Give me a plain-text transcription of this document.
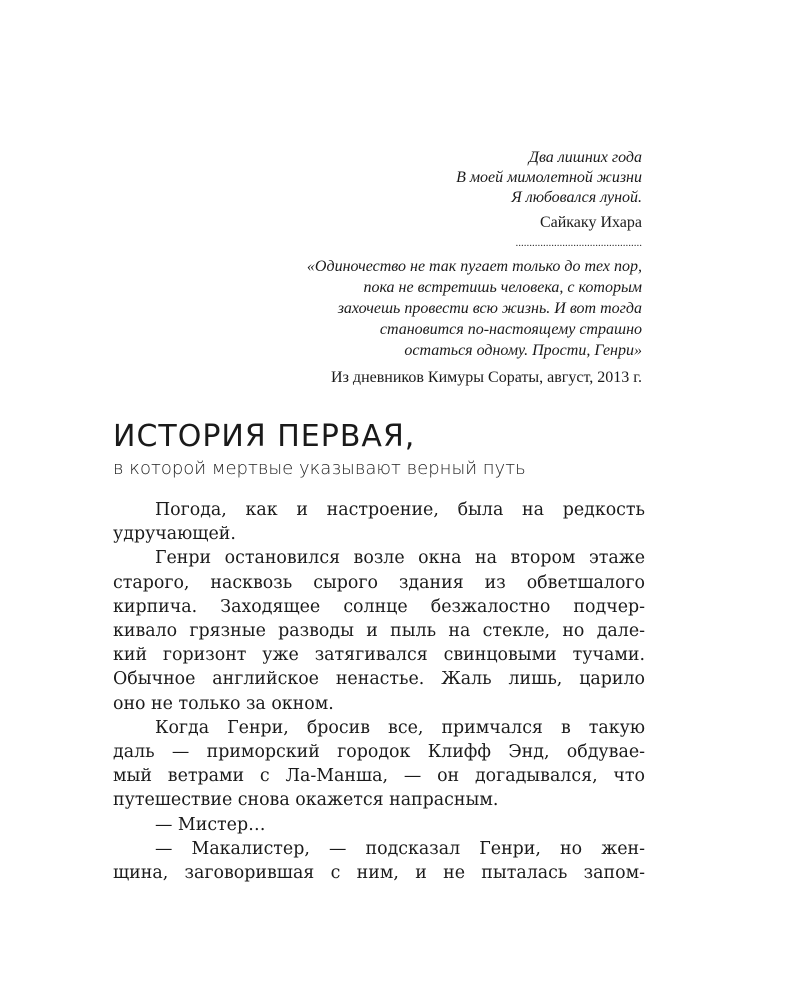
Два лишних года
В моей мимолетной жизни
Я любовался луной.
Сайкаку Ихара
..............................................
«Одиночество не так пугает только до тех пор,
пока не встретишь человека, с которым
захочешь провести всю жизнь. И вот тогда
становится по-настоящему страшно
остаться одному. Прости, Генри»
Из дневников Кимуры Сораты, август, 2013 г.
ИСТОРИЯ ПЕРВАЯ,
в которой мертвые указывают верный путь
Погода, как и настроение, была на редкость
удручающей.
Генри остановился возле окна на втором этаже
старого, насквозь сырого здания из обветшалого
кирпича. Заходящее солнце безжалостно подчер-
кивало грязные разводы и пыль на стекле, но дале-
кий горизонт уже затягивался свинцовыми тучами.
Обычное английское ненастье. Жаль лишь, царило
оно не только за окном.
Когда Генри, бросив все, примчался в такую
даль — приморский городок Клифф Энд, обдувае-
мый ветрами с Ла-Манша, — он догадывался, что
путешествие снова окажется напрасным.
— Мистер…
— Макалистер, — подсказал Генри, но жен-
щина, заговорившая с ним, и не пыталась запом-
